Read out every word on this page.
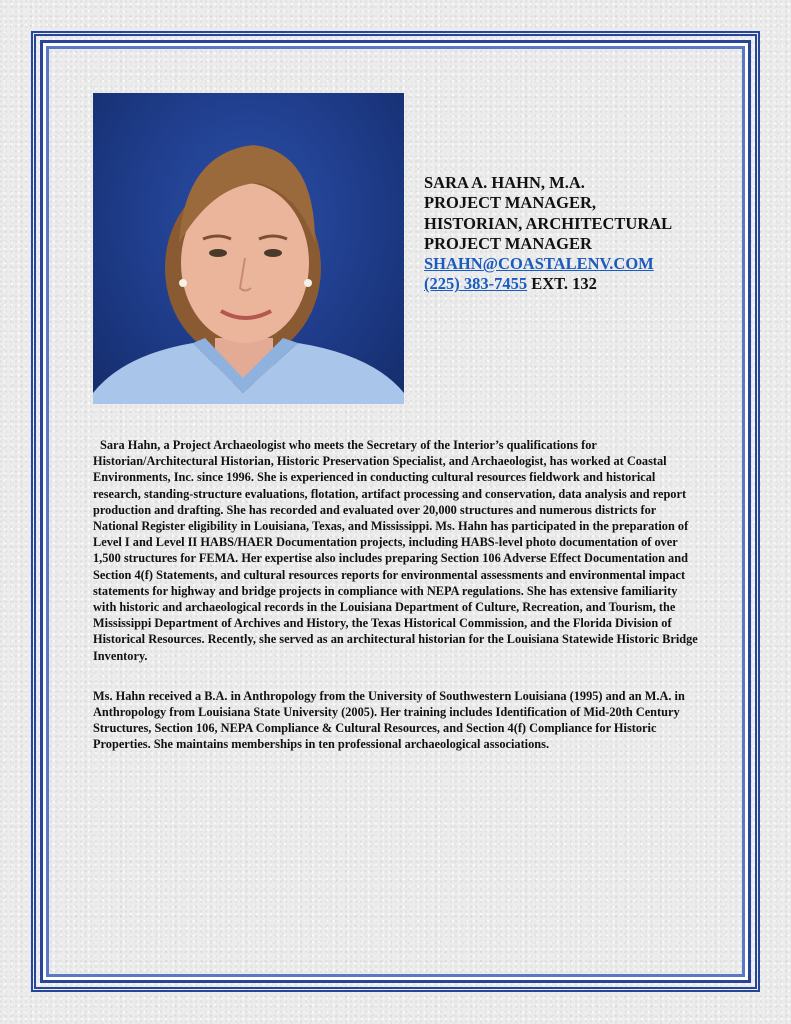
SARA A. HAHN, M.A.
PROJECT MANAGER,
HISTORIAN, ARCHITECTURAL
PROJECT MANAGER
SHAHN@COASTALENV.COM
(225) 383-7455 EXT. 132

Sara Hahn, a Project Archaeologist who meets the Secretary of the Interior’s qualifications for Historian/Architectural Historian, Historic Preservation Specialist, and Archaeologist, has worked at Coastal Environments, Inc. since 1996. She is experienced in conducting cultural resources fieldwork and historical research, standing-structure evaluations, flotation, artifact processing and conservation, data analysis and report production and drafting. She has recorded and evaluated over 20,000 structures and numerous districts for National Register eligibility in Louisiana, Texas, and Mississippi. Ms. Hahn has participated in the preparation of Level I and Level II HABS/HAER Documentation projects, including HABS-level photo documentation of over 1,500 structures for FEMA. Her expertise also includes preparing Section 106 Adverse Effect Documentation and Section 4(f) Statements, and cultural resources reports for environmental assessments and environmental impact statements for highway and bridge projects in compliance with NEPA regulations. She has extensive familiarity with historic and archaeological records in the Louisiana Department of Culture, Recreation, and Tourism, the Mississippi Department of Archives and History, the Texas Historical Commission, and the Florida Division of Historical Resources. Recently, she served as an architectural historian for the Louisiana Statewide Historic Bridge Inventory.

Ms. Hahn received a B.A. in Anthropology from the University of Southwestern Louisiana (1995) and an M.A. in Anthropology from Louisiana State University (2005). Her training includes Identification of Mid-20th Century Structures, Section 106, NEPA Compliance & Cultural Resources, and Section 4(f) Compliance for Historic Properties. She maintains memberships in ten professional archaeological associations.
